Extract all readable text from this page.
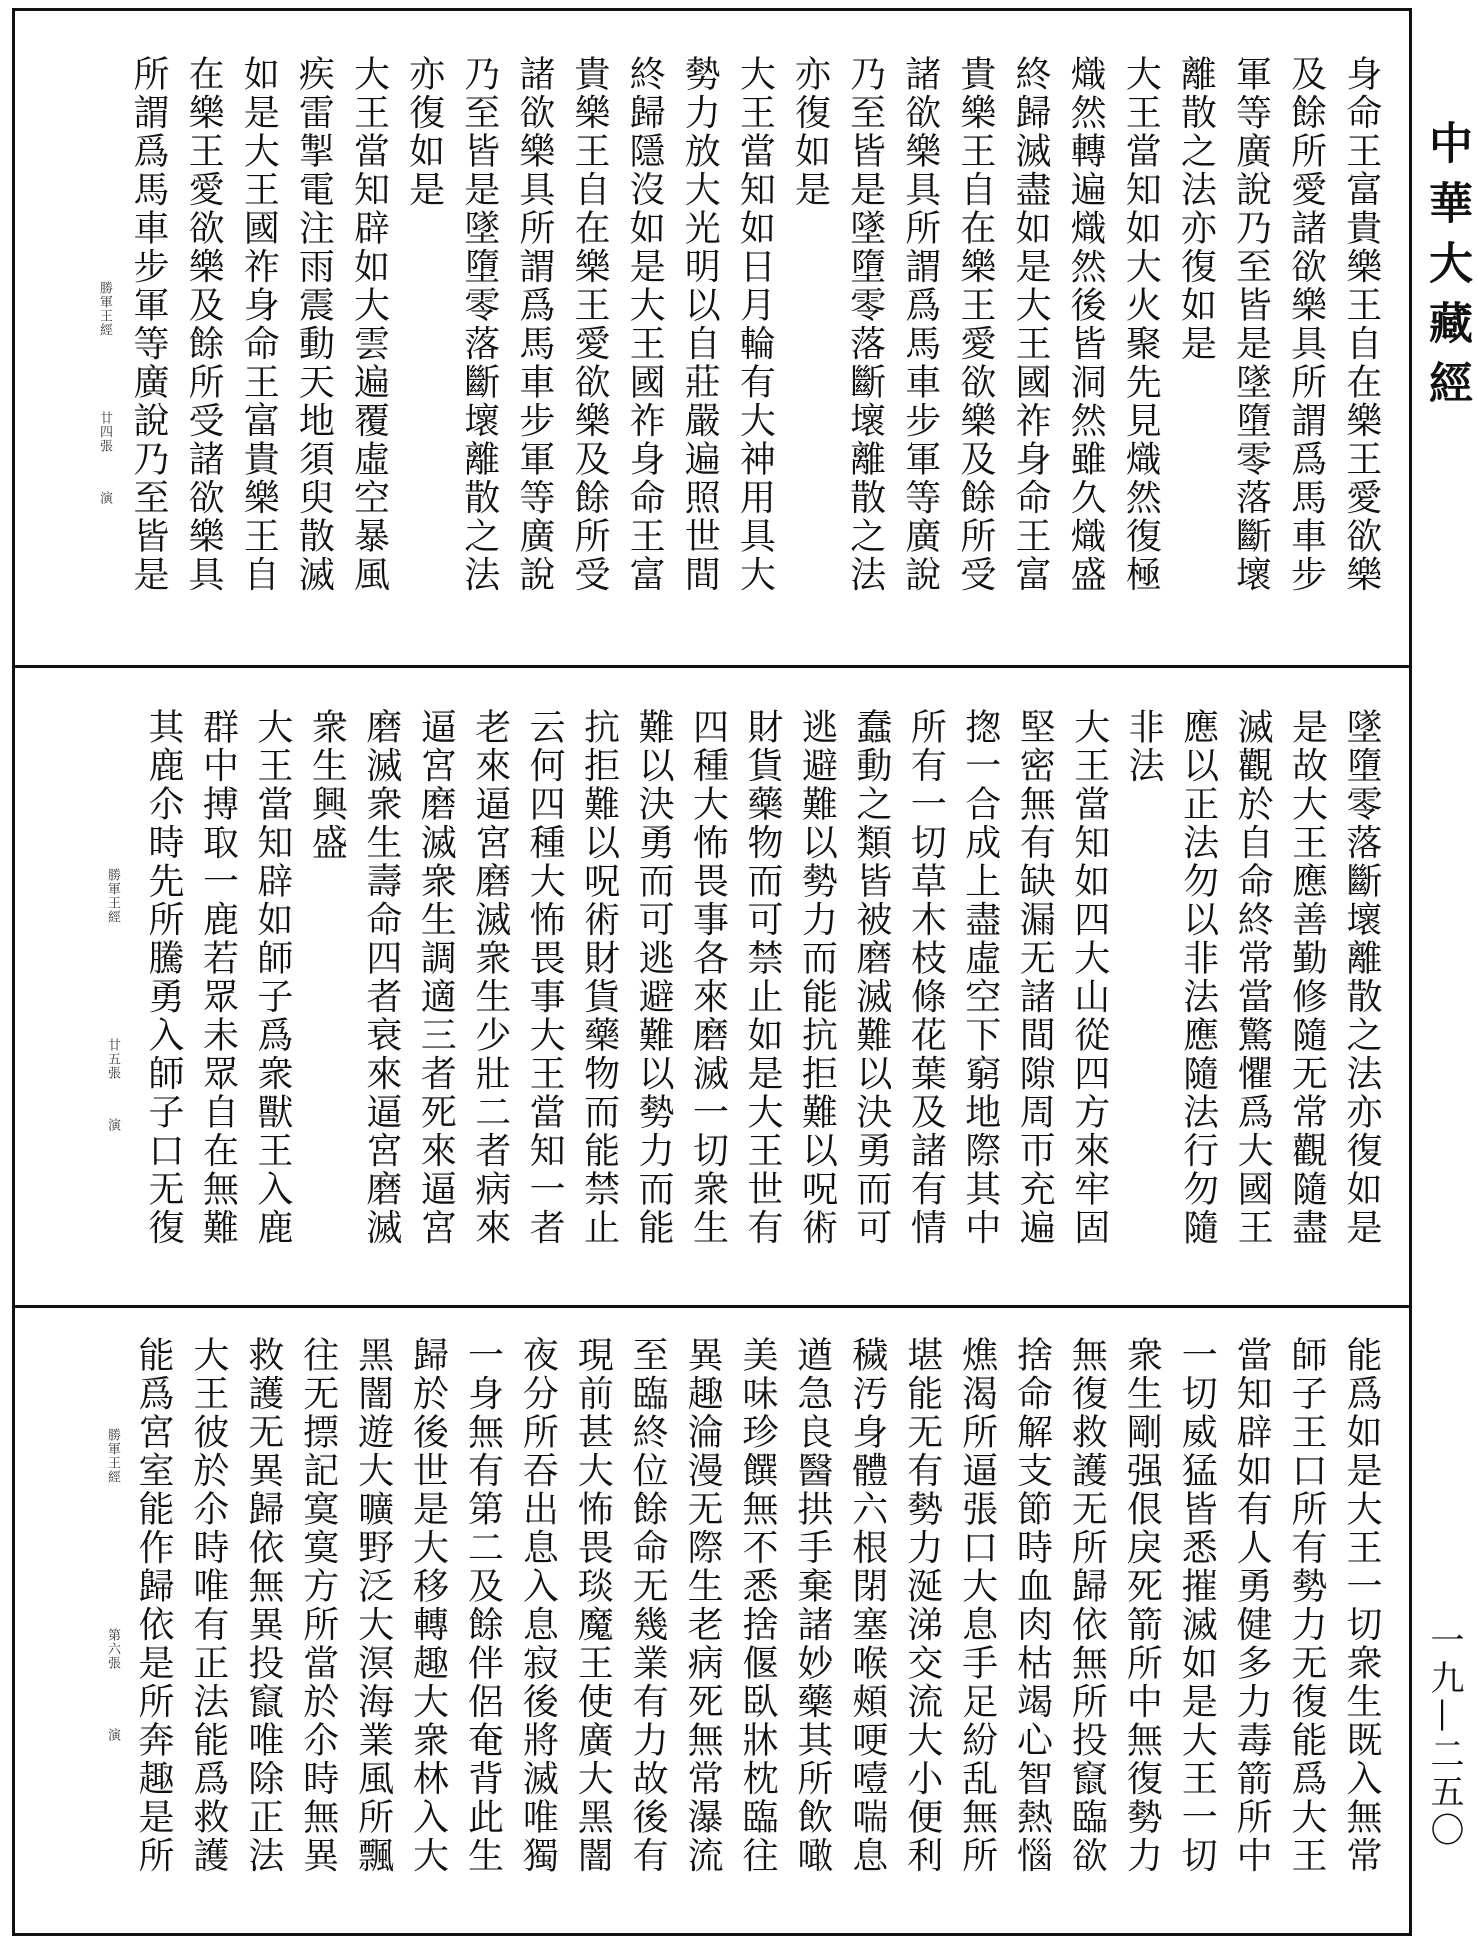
身命王富貴樂王自在樂王愛欲樂
及餘所愛諸欲樂具所謂爲馬車步
軍等廣說乃至皆是墜墮零落斷壞
離散之法亦復如是
大王當知如大火聚先見熾然復極
熾然轉遍熾然後皆洞然雖久熾盛
終歸滅盡如是大王國祚身命王富
貴樂王自在樂王愛欲樂及餘所受
諸欲樂具所謂爲馬車步軍等廣說
乃至皆是墜墮零落斷壞離散之法
亦復如是
大王當知如日月輪有大神用具大
勢力放大光明以自莊嚴遍照世間
終歸隱沒如是大王國祚身命王富
貴樂王自在樂王愛欲樂及餘所受
諸欲樂具所謂爲馬車步軍等廣說
乃至皆是墜墮零落斷壞離散之法
亦復如是
大王當知辟如大雲遍覆虛空暴風
疾雷掣電注雨震動天地須臾散滅
如是大王國祚身命王富貴樂王自
在樂王愛欲樂及餘所受諸欲樂具
所謂爲馬車步軍等廣說乃至皆是
勝軍王經
廿四張
演
墜墮零落斷壞離散之法亦復如是
是故大王應善勤修隨无常觀隨盡
滅觀於自命終常當驚懼爲大國王
應以正法勿以非法應隨法行勿隨
非法
大王當知如四大山從四方來牢固
堅密無有缺漏无諸間隙周帀充遍
揔一合成上盡虛空下窮地際其中
所有一切草木枝條花葉及諸有情
蠢動之類皆被磨滅難以決勇而可
逃避難以勢力而能抗拒難以呪術
財貨藥物而可禁止如是大王世有
四種大怖畏事各來磨滅一切衆生
難以決勇而可逃避難以勢力而能
抗拒難以呪術財貨藥物而能禁止
云何四種大怖畏事大王當知一者
老來逼宮磨滅衆生少壯二者病來
逼宮磨滅衆生調適三者死來逼宮
磨滅衆生壽命四者衰來逼宮磨滅
衆生興盛
大王當知辟如師子爲衆獸王入鹿
群中搏取一鹿若眾未眾自在無難
其鹿尒時先所騰勇入師子口无復
勝軍王經
廿五張
演
能爲如是大王一切衆生既入無常
師子王口所有勢力无復能爲大王
當知辟如有人勇健多力毒箭所中
一切威猛皆悉摧滅如是大王一切
衆生剛强佷戾死箭所中無復勢力
無復救護无所歸依無所投竄臨欲
捨命解支節時血肉枯竭心智熱惱
燋渴所逼張口大息手足紛乱無所
堪能无有勢力涎涕交流大小便利
穢汚身體六根閉塞喉頰哽噎喘息
遒急良醫拱手棄諸妙藥其所飲噉
美味珍饌無不悉捨偃臥牀枕臨往
異趣淪漫无際生老病死無常瀑流
至臨終位餘命无幾業有力故後有
現前甚大怖畏琰魔王使廣大黑闇
夜分所吞出息入息寂後將滅唯獨
一身無有第二及餘伴侶奄背此生
歸於後世是大移轉趣大衆林入大
黑闇遊大曠野泛大溟海業風所飄
往无摽記寞寞方所當於尒時無異
救護无異歸依無異投竄唯除正法
大王彼於尒時唯有正法能爲救護
能爲宮室能作歸依是所奔趣是所
勝軍王經
第六張
演
中華大藏經
一九—二五〇
